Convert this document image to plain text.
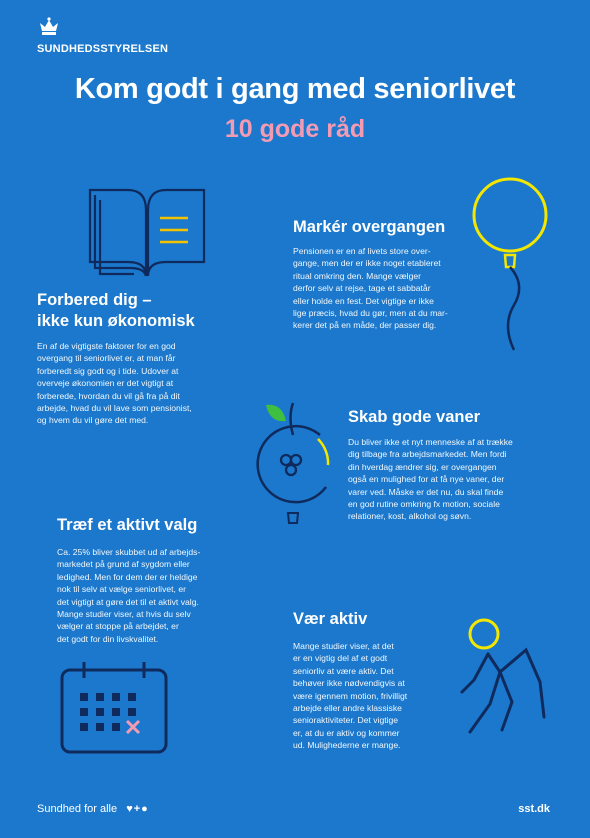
SUNDHEDSSTYRELSEN
Kom godt i gang med seniorlivet
10 gode råd
Forbered dig –
ikke kun økonomisk
En af de vigtigste faktorer for en god
overgang til seniorlivet er, at man får
forberedt sig godt og i tide. Udover at
overveje økonomien er det vigtigt at
forberede, hvordan du vil gå fra på dit
arbejde, hvad du vil lave som pensionist,
og hvem du vil gøre det med.
Markér overgangen
Pensionen er en af livets store over-
gange, men der er ikke noget etableret
ritual omkring den. Mange vælger
derfor selv at rejse, tage et sabbatår
eller holde en fest. Det vigtige er ikke
lige præcis, hvad du gør, men at du mar-
kerer det på en måde, der passer dig.
Skab gode vaner
Du bliver ikke et nyt menneske af at trække
dig tilbage fra arbejdsmarkedet. Men fordi
din hverdag ændrer sig, er overgangen
også en mulighed for at få nye vaner, der
varer ved. Måske er det nu, du skal finde
en god rutine omkring fx motion, sociale
relationer, kost, alkohol og søvn.
Træf et aktivt valg
Ca. 25% bliver skubbet ud af arbejds-
markedet på grund af sygdom eller
ledighed. Men for dem der er heldige
nok til selv at vælge seniorlivet, er
det vigtigt at gøre det til et aktivt valg.
Mange studier viser, at hvis du selv
vælger at stoppe på arbejdet, er
det godt for din livskvalitet.
Vær aktiv
Mange studier viser, at det
er en vigtig del af et godt
seniorliv at være aktiv. Det
behøver ikke nødvendigvis at
være igennem motion, frivilligt
arbejde eller andre klassiske
senioraktiviteter. Det vigtige
er, at du er aktiv og kommer
ud. Mulighederne er mange.
Sundhed for alle ♥+●	sst.dk
